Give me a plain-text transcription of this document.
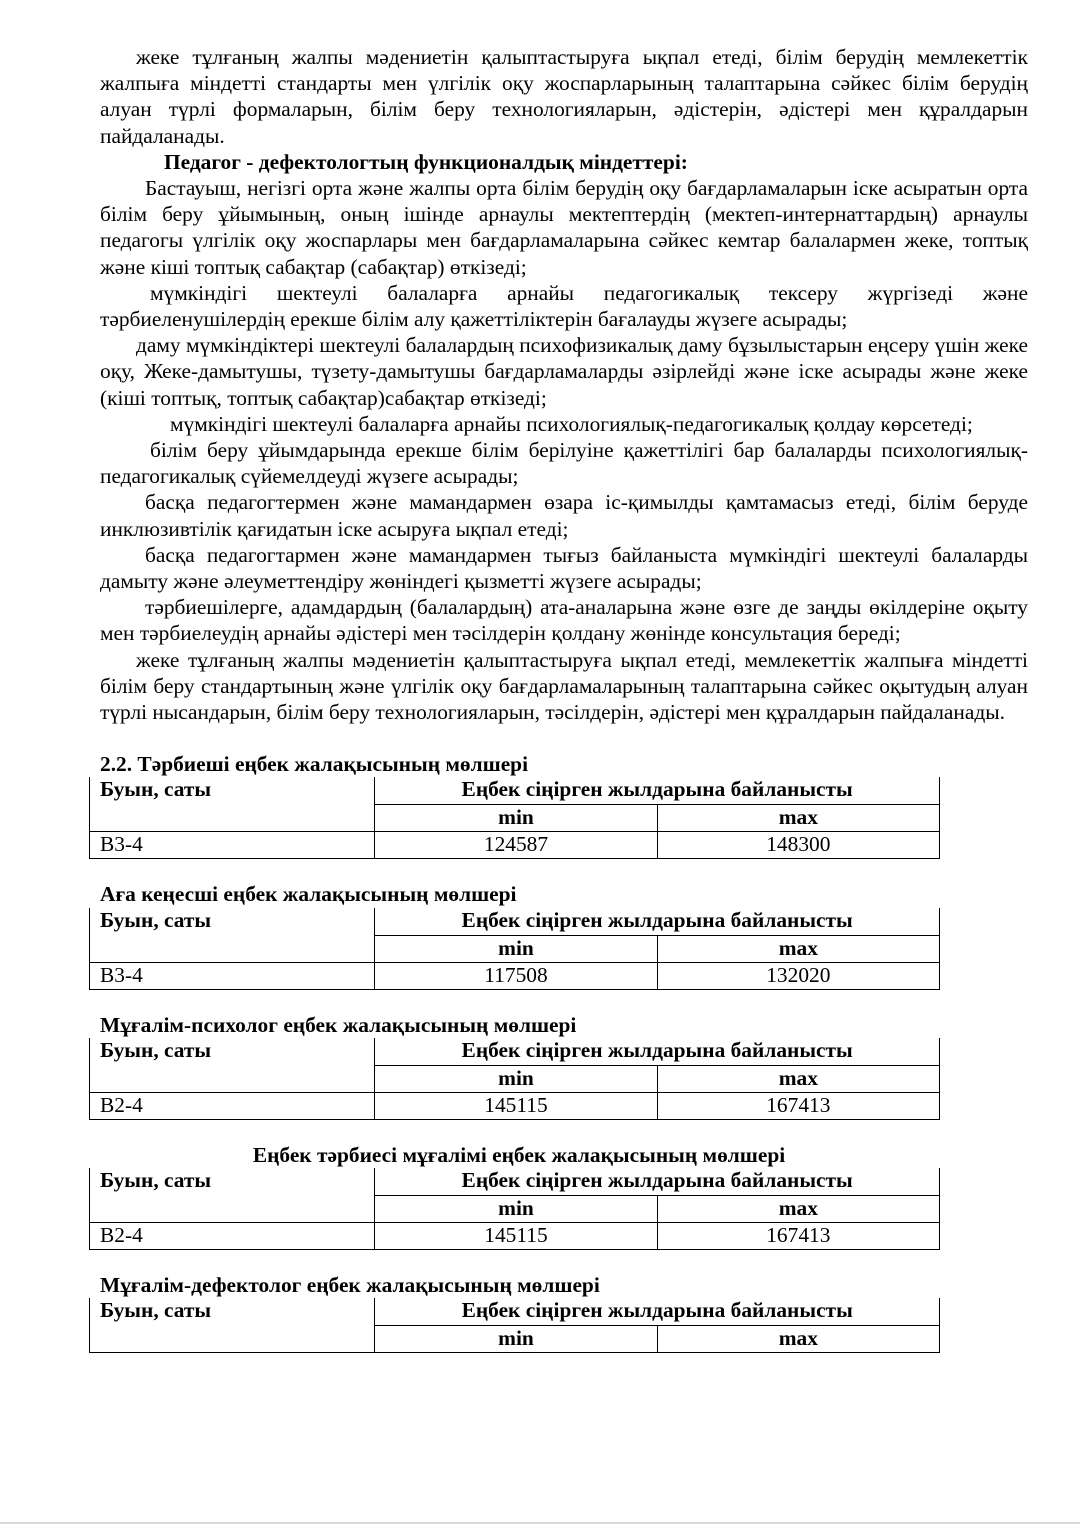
жеке тұлғаның жалпы мәдениетін қалыптастыруға ықпал етеді, білім берудің мемлекеттік жалпыға міндетті стандарты мен үлгілік оқу жоспарларының талаптарына сәйкес білім берудің алуан түрлі формаларын, білім беру технологияларын, әдістерін, әдістері мен құралдарын пайдаланады.

Педагог - дефектологтың функционалдық міндеттері:

Бастауыш, негізгі орта және жалпы орта білім берудің оқу бағдарламаларын іске асыратын орта білім беру ұйымының, оның ішінде арнаулы мектептердің (мектеп-интернаттардың) арнаулы педагогы үлгілік оқу жоспарлары мен бағдарламаларына сәйкес кемтар балалармен жеке, топтық және кіші топтық сабақтар (сабақтар) өткізеді;

мүмкіндігі шектеулі балаларға арнайы педагогикалық тексеру жүргізеді және тәрбиеленушілердің ерекше білім алу қажеттіліктерін бағалауды жүзеге асырады;

даму мүмкіндіктері шектеулі балалардың психофизикалық даму бұзылыстарын еңсеру үшін жеке оқу, Жеке-дамытушы, түзету-дамытушы бағдарламаларды әзірлейді және іске асырады және жеке (кіші топтық, топтық сабақтар)сабақтар өткізеді;

мүмкіндігі шектеулі балаларға арнайы психологиялық-педагогикалық қолдау көрсетеді;

білім беру ұйымдарында ерекше білім берілуіне қажеттілігі бар балаларды психологиялық-педагогикалық сүйемелдеуді жүзеге асырады;

басқа педагогтермен және мамандармен өзара іс-қимылды қамтамасыз етеді, білім беруде инклюзивтілік қағидатын іске асыруға ықпал етеді;

басқа педагогтармен және мамандармен тығыз байланыста мүмкіндігі шектеулі балаларды дамыту және әлеуметтендіру жөніндегі қызметті жүзеге асырады;

тәрбиешілерге, адамдардың (балалардың) ата-аналарына және өзге де заңды өкілдеріне оқыту мен тәрбиелеудің арнайы әдістері мен тәсілдерін қолдану жөнінде консультация береді;

жеке тұлғаның жалпы мәдениетін қалыптастыруға ықпал етеді, мемлекеттік жалпыға міндетті білім беру стандартының және үлгілік оқу бағдарламаларының талаптарына сәйкес оқытудың алуан түрлі нысандарын, білім беру технологияларын, тәсілдерін, әдістері мен құралдарын пайдаланады.

2.2. Тәрбиеші еңбек жалақысының мөлшері

Буын, саты	Еңбек сіңірген жылдарына байланысты	
	min	max
В3-4	124587	148300

Аға кеңесші еңбек жалақысының мөлшері

Буын, саты	Еңбек сіңірген жылдарына байланысты	
	min	max
В3-4	117508	132020

Мұғалім-психолог еңбек жалақысының мөлшері

Буын, саты	Еңбек сіңірген жылдарына байланысты	
	min	max
В2-4	145115	167413

Еңбек тәрбиесі мұғалімі еңбек жалақысының мөлшері

Буын, саты	Еңбек сіңірген жылдарына байланысты	
	min	max
В2-4	145115	167413

Мұғалім-дефектолог еңбек жалақысының мөлшері

Буын, саты	Еңбек сіңірген жылдарына байланысты	
	min	max
